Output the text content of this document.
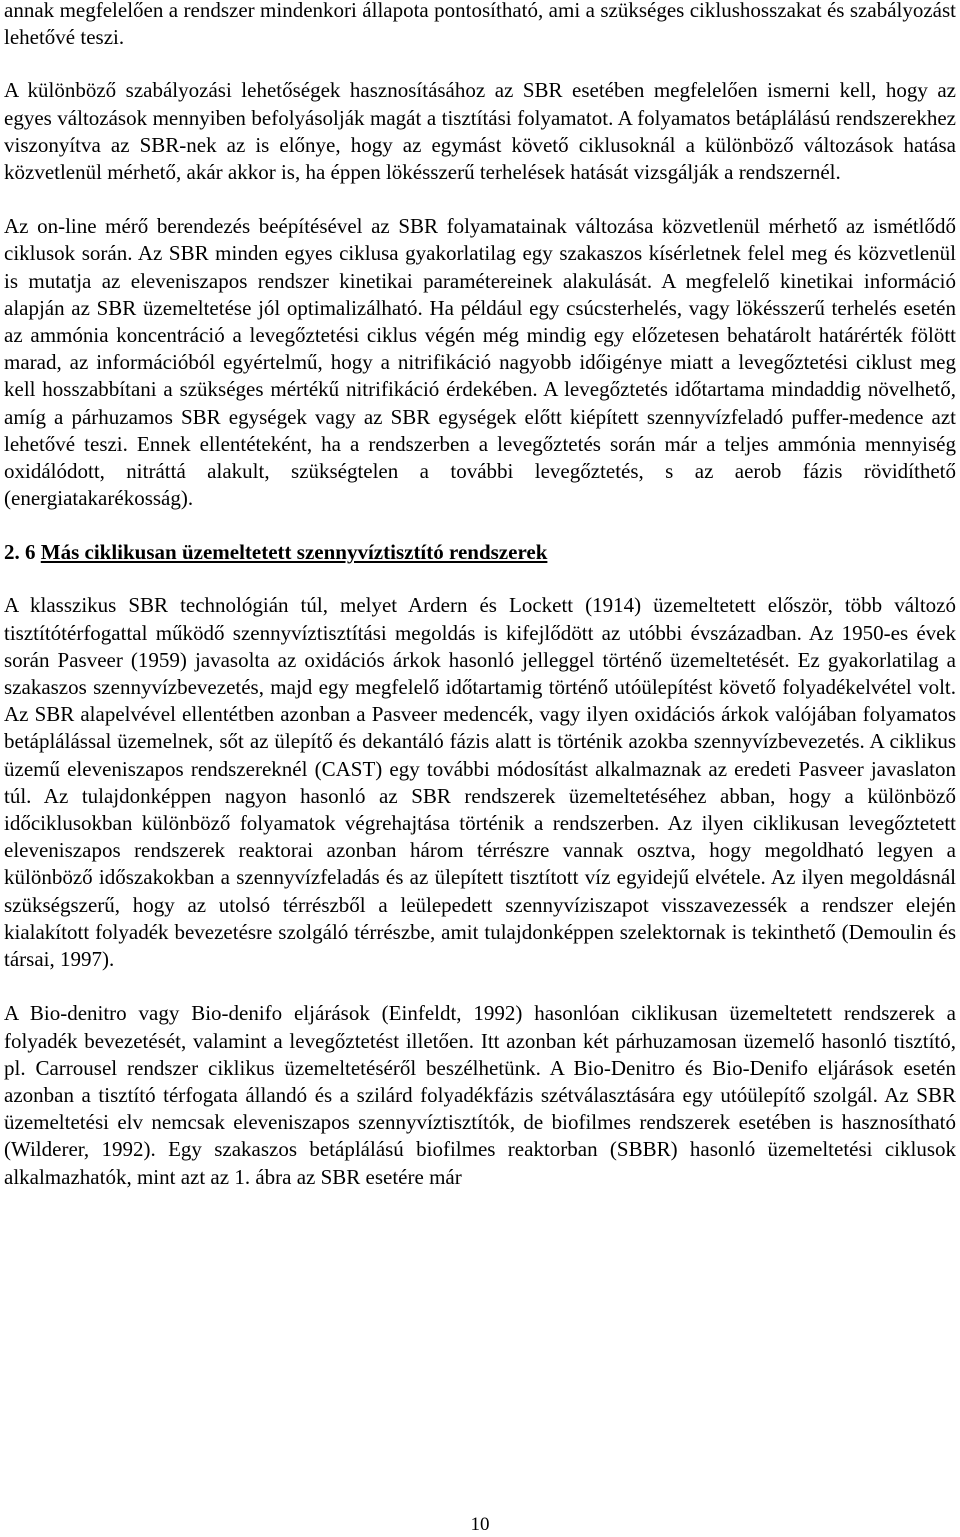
annak megfelelően a rendszer mindenkori állapota pontosítható, ami a szükséges ciklushosszakat és szabályozást lehetővé teszi.

A különböző szabályozási lehetőségek hasznosításához az SBR esetében megfelelően ismerni kell, hogy az egyes változások mennyiben befolyásolják magát a tisztítási folyamatot. A folyamatos betáplálású rendszerekhez viszonyítva az SBR-nek az is előnye, hogy az egymást követő ciklusoknál a különböző változások hatása közvetlenül mérhető, akár akkor is, ha éppen lökésszerű terhelések hatását vizsgálják a rendszernél.

Az on-line mérő berendezés beépítésével az SBR folyamatainak változása közvetlenül mérhető az ismétlődő ciklusok során. Az SBR minden egyes ciklusa gyakorlatilag egy szakaszos kísérletnek felel meg és közvetlenül is mutatja az eleveniszapos rendszer kinetikai paramétereinek alakulását. A megfelelő kinetikai információ alapján az SBR üzemeltetése jól optimalizálható. Ha például egy csúcsterhelés, vagy lökésszerű terhelés esetén az ammónia koncentráció a levegőztetési ciklus végén még mindig egy előzetesen behatárolt határérték fölött marad, az információból egyértelmű, hogy a nitrifikáció nagyobb időigénye miatt a levegőztetési ciklust meg kell hosszabbítani a szükséges mértékű nitrifikáció érdekében. A levegőztetés időtartama mindaddig növelhető, amíg a párhuzamos SBR egységek vagy az SBR egységek előtt kiépített szennyvízfeladó puffer-medence azt lehetővé teszi. Ennek ellentéteként, ha a rendszerben a levegőztetés során már a teljes ammónia mennyiség oxidálódott, nitráttá alakult, szükségtelen a további levegőztetés, s az aerob fázis rövidíthető (energiatakarékosság).

2. 6 Más ciklikusan üzemeltetett szennyvíztisztító rendszerek

A klasszikus SBR technológián túl, melyet Ardern és Lockett (1914) üzemeltetett először, több változó tisztítótérfogattal működő szennyvíztisztítási megoldás is kifejlődött az utóbbi évszázadban. Az 1950-es évek során Pasveer (1959) javasolta az oxidációs árkok hasonló jelleggel történő üzemeltetését. Ez gyakorlatilag a szakaszos szennyvízbevezetés, majd egy megfelelő időtartamig történő utóülepítést követő folyadékelvétel volt. Az SBR alapelvével ellentétben azonban a Pasveer medencék, vagy ilyen oxidációs árkok valójában folyamatos betáplálással üzemelnek, sőt az ülepítő és dekantáló fázis alatt is történik azokba szennyvízbevezetés. A ciklikus üzemű eleveniszapos rendszereknél (CAST) egy további módosítást alkalmaznak az eredeti Pasveer javaslaton túl. Az tulajdonképpen nagyon hasonló az SBR rendszerek üzemeltetéséhez abban, hogy a különböző időciklusokban különböző folyamatok végrehajtása történik a rendszerben. Az ilyen ciklikusan levegőztetett eleveniszapos rendszerek reaktorai azonban három térrészre vannak osztva, hogy megoldható legyen a különböző időszakokban a szennyvízfeladás és az ülepített tisztított víz egyidejű elvétele. Az ilyen megoldásnál szükségszerű, hogy az utolsó térrészből a leülepedett szennyvíziszapot visszavezessék a rendszer elején kialakított folyadék bevezetésre szolgáló térrészbe, amit tulajdonképpen szelektornak is tekinthető (Demoulin és társai, 1997).

A Bio-denitro vagy Bio-denifo eljárások (Einfeldt, 1992) hasonlóan ciklikusan üzemeltetett rendszerek a folyadék bevezetését, valamint a levegőztetést illetően. Itt azonban két párhuzamosan üzemelő hasonló tisztító, pl. Carrousel rendszer ciklikus üzemeltetéséről beszélhetünk. A Bio-Denitro és Bio-Denifo eljárások esetén azonban a tisztító térfogata állandó és a szilárd folyadékfázis szétválasztására egy utóülepítő szolgál. Az SBR üzemeltetési elv nemcsak eleveniszapos szennyvíztisztítók, de biofilmes rendszerek esetében is hasznosítható (Wilderer, 1992). Egy szakaszos betáplálású biofilmes reaktorban (SBBR) hasonló üzemeltetési ciklusok alkalmazhatók, mint azt az 1. ábra az SBR esetére már

10
